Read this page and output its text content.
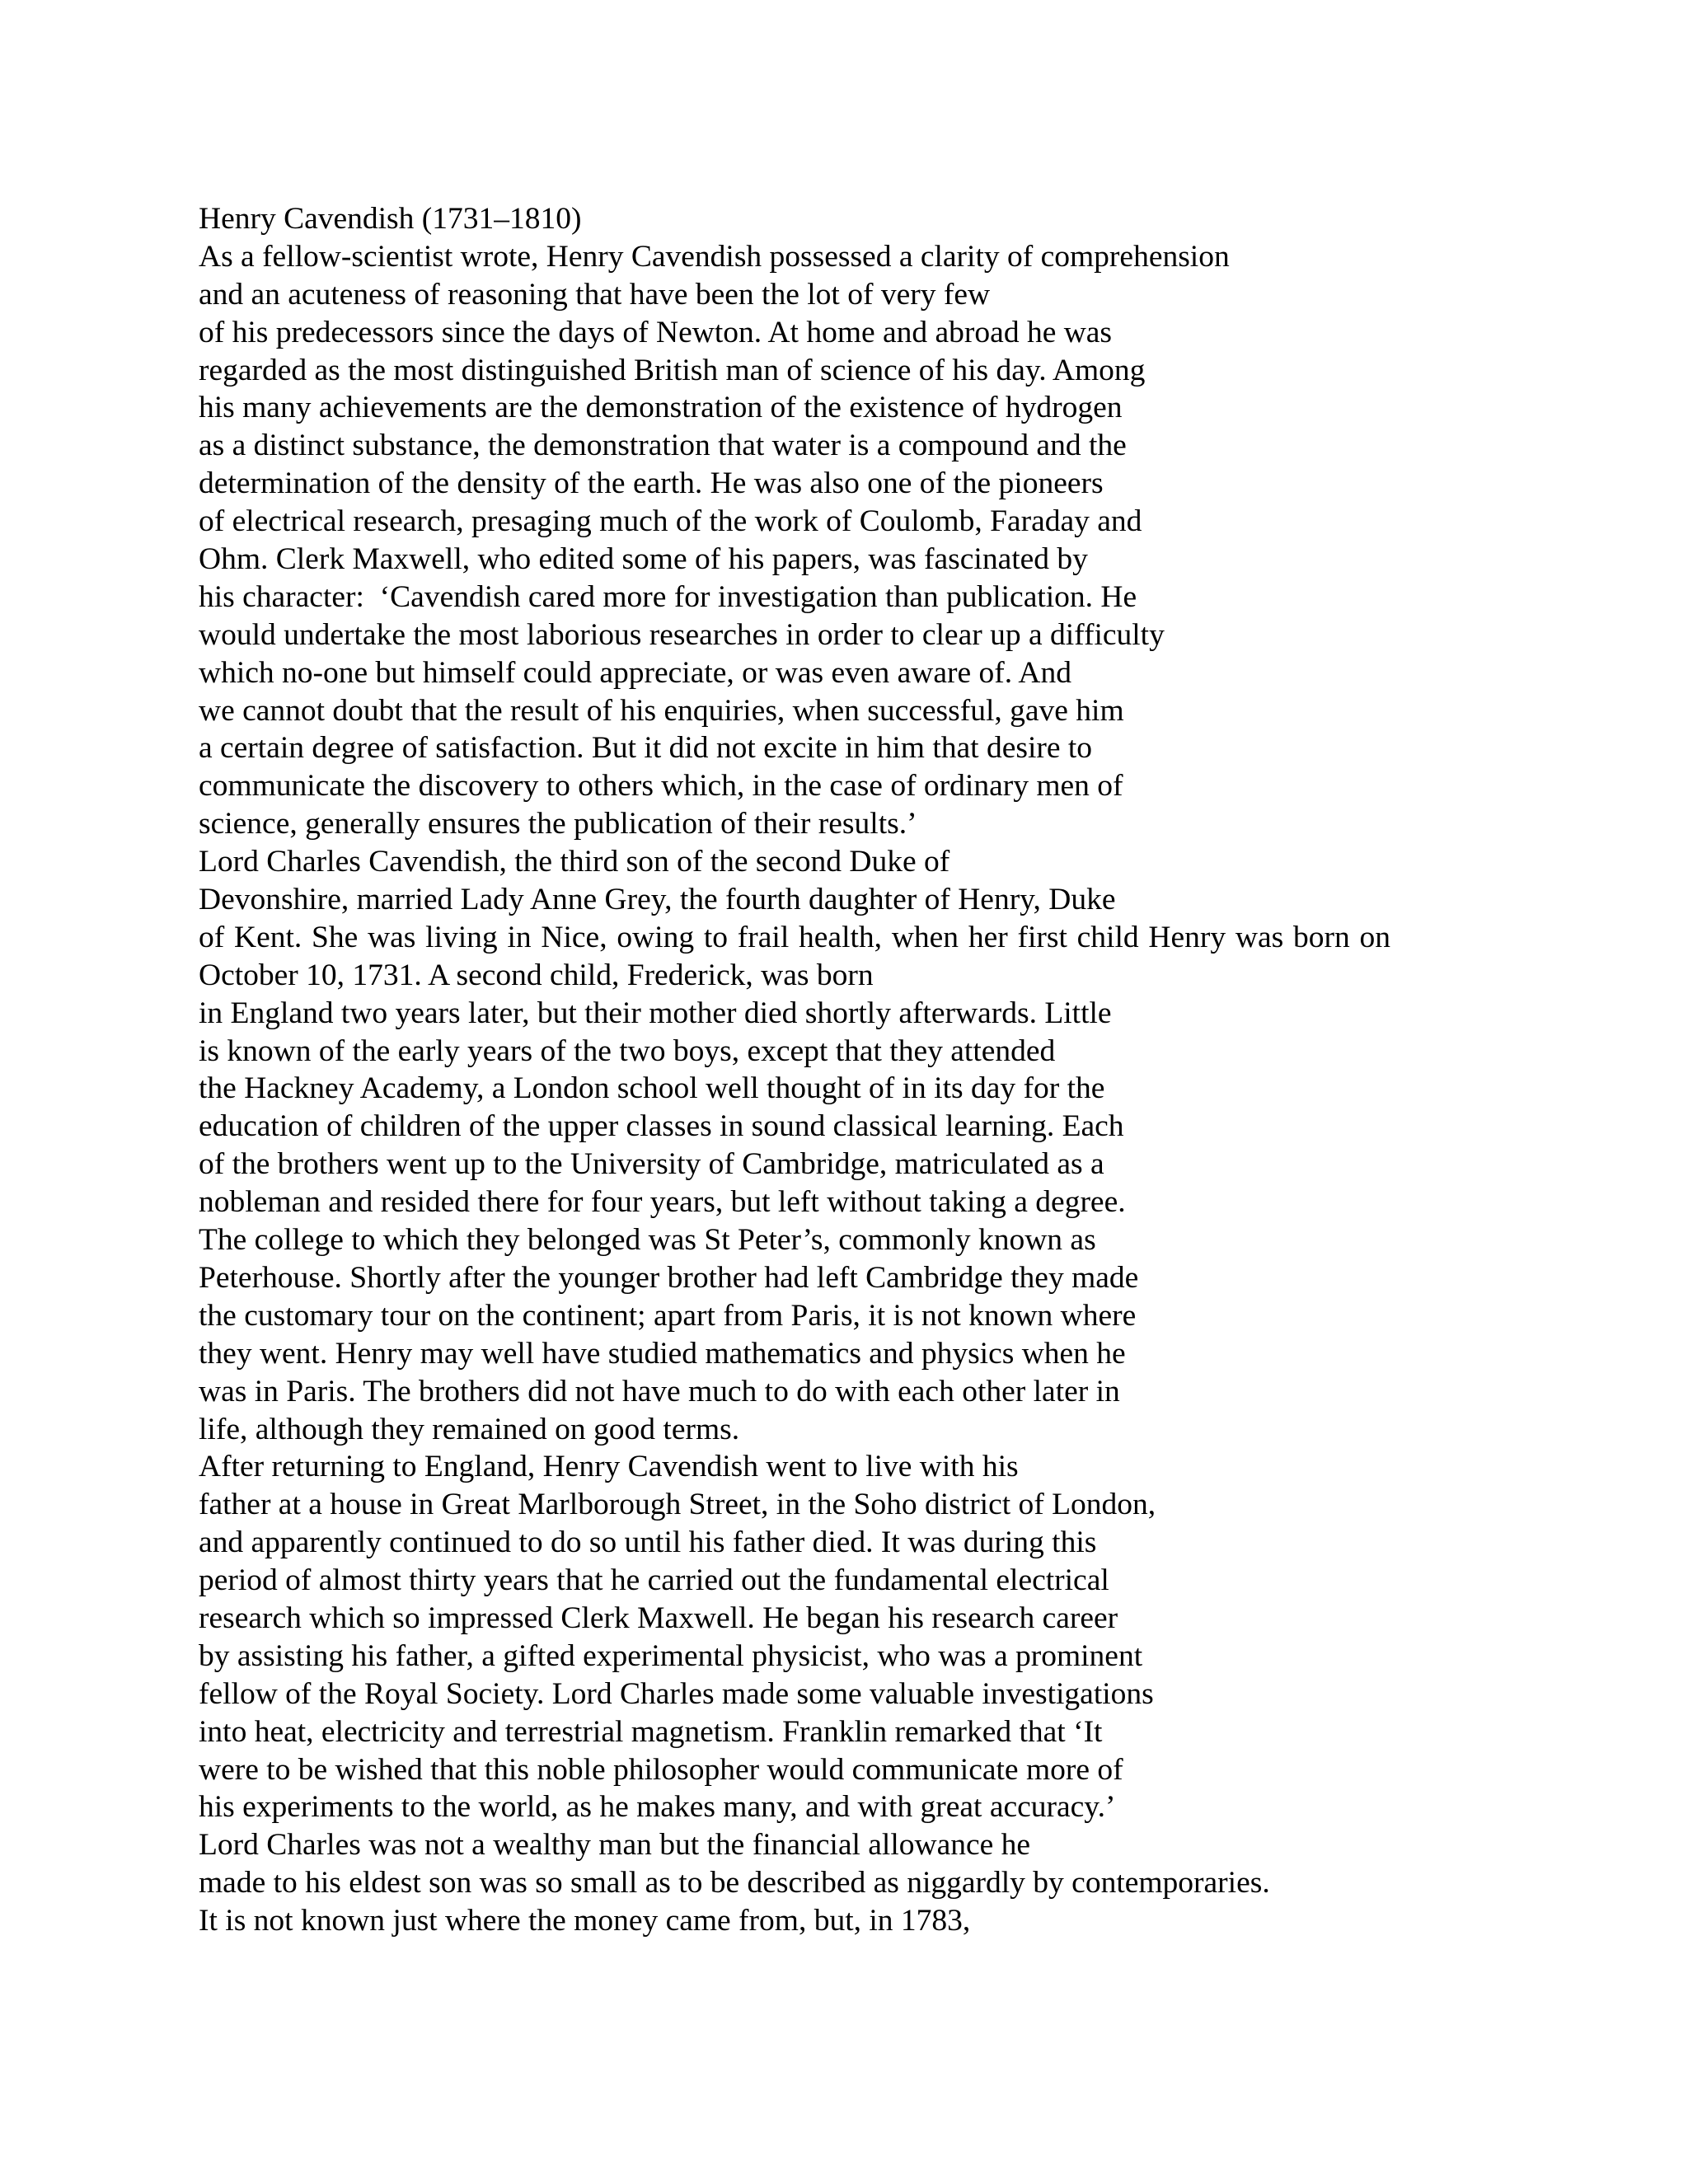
Henry Cavendish (1731–1810)
As a fellow-scientist wrote, Henry Cavendish possessed a clarity of comprehension
and an acuteness of reasoning that have been the lot of very few
of his predecessors since the days of Newton. At home and abroad he was
regarded as the most distinguished British man of science of his day. Among
his many achievements are the demonstration of the existence of hydrogen
as a distinct substance, the demonstration that water is a compound and the
determination of the density of the earth. He was also one of the pioneers
of electrical research, presaging much of the work of Coulomb, Faraday and
Ohm. Clerk Maxwell, who edited some of his papers, was fascinated by
his character:  ‘Cavendish cared more for investigation than publication. He
would undertake the most laborious researches in order to clear up a difficulty
which no-one but himself could appreciate, or was even aware of. And
we cannot doubt that the result of his enquiries, when successful, gave him
a certain degree of satisfaction. But it did not excite in him that desire to
communicate the discovery to others which, in the case of ordinary men of
science, generally ensures the publication of their results.’
Lord Charles Cavendish, the third son of the second Duke of
Devonshire, married Lady Anne Grey, the fourth daughter of Henry, Duke
of Kent. She was living in Nice, owing to frail health, when her first child Henry was born on
October 10, 1731. A second child, Frederick, was born
in England two years later, but their mother died shortly afterwards. Little
is known of the early years of the two boys, except that they attended
the Hackney Academy, a London school well thought of in its day for the
education of children of the upper classes in sound classical learning. Each
of the brothers went up to the University of Cambridge, matriculated as a
nobleman and resided there for four years, but left without taking a degree.
The college to which they belonged was St Peter’s, commonly known as
Peterhouse. Shortly after the younger brother had left Cambridge they made
the customary tour on the continent; apart from Paris, it is not known where
they went. Henry may well have studied mathematics and physics when he
was in Paris. The brothers did not have much to do with each other later in
life, although they remained on good terms.
After returning to England, Henry Cavendish went to live with his
father at a house in Great Marlborough Street, in the Soho district of London,
and apparently continued to do so until his father died. It was during this
period of almost thirty years that he carried out the fundamental electrical
research which so impressed Clerk Maxwell. He began his research career
by assisting his father, a gifted experimental physicist, who was a prominent
fellow of the Royal Society. Lord Charles made some valuable investigations
into heat, electricity and terrestrial magnetism. Franklin remarked that ‘It
were to be wished that this noble philosopher would communicate more of
his experiments to the world, as he makes many, and with great accuracy.’
Lord Charles was not a wealthy man but the financial allowance he
made to his eldest son was so small as to be described as niggardly by contemporaries.
It is not known just where the money came from, but, in 1783,
